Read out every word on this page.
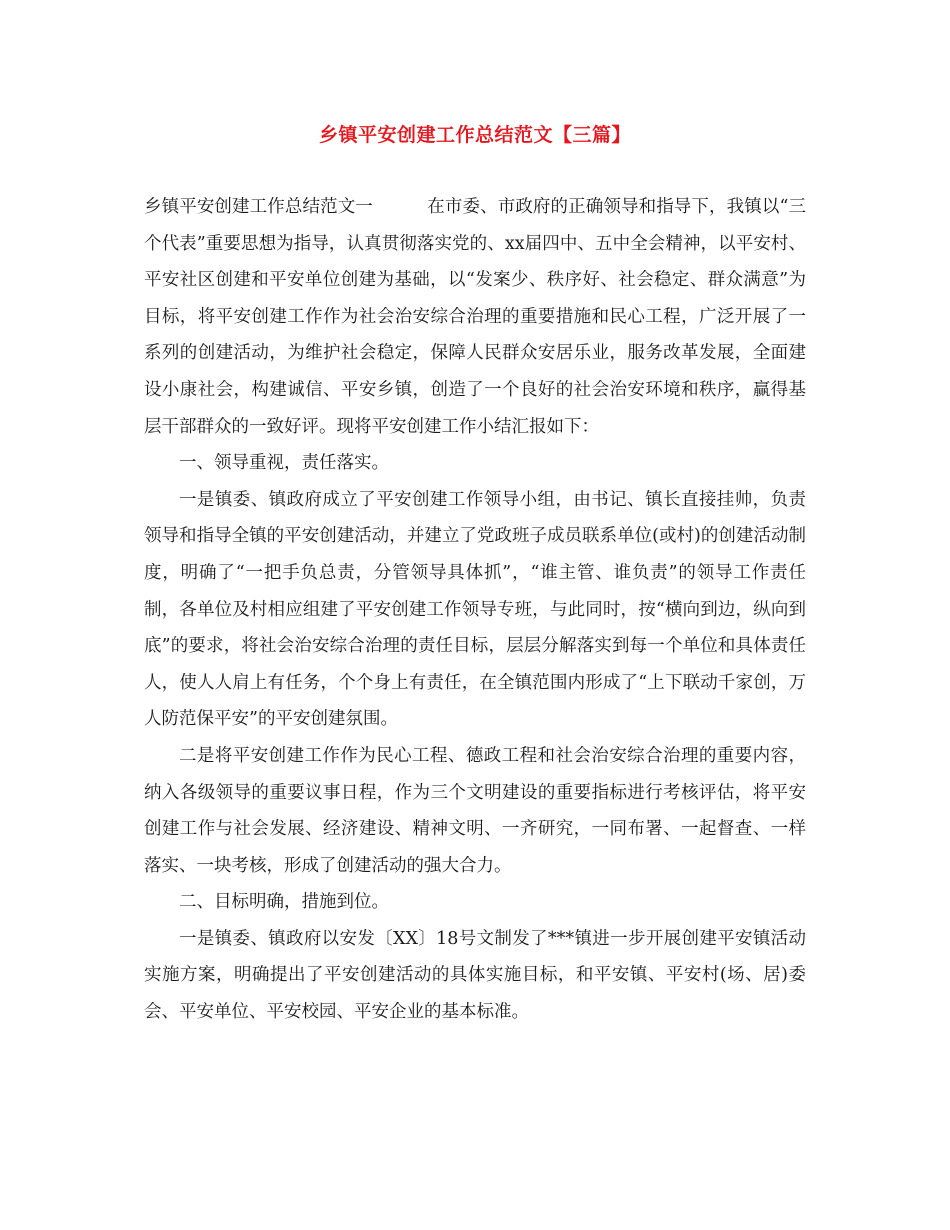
乡镇平安创建工作总结范文【三篇】

乡镇平安创建工作总结范文一	在市委、市政府的正确领导和指导下，我镇以“三个代表”重要思想为指导，认真贯彻落实党的、xx届四中、五中全会精神，以平安村、平安社区创建和平安单位创建为基础，以“发案少、秩序好、社会稳定、群众满意”为目标，将平安创建工作作为社会治安综合治理的重要措施和民心工程，广泛开展了一系列的创建活动，为维护社会稳定，保障人民群众安居乐业，服务改革发展，全面建设小康社会，构建诚信、平安乡镇，创造了一个良好的社会治安环境和秩序，赢得基层干部群众的一致好评。现将平安创建工作小结汇报如下：

一、领导重视，责任落实。

一是镇委、镇政府成立了平安创建工作领导小组，由书记、镇长直接挂帅，负责领导和指导全镇的平安创建活动，并建立了党政班子成员联系单位(或村)的创建活动制度，明确了“一把手负总责，分管领导具体抓”，“谁主管、谁负责”的领导工作责任制，各单位及村相应组建了平安创建工作领导专班，与此同时，按“横向到边，纵向到底”的要求，将社会治安综合治理的责任目标，层层分解落实到每一个单位和具体责任人，使人人肩上有任务，个个身上有责任，在全镇范围内形成了“上下联动千家创，万人防范保平安”的平安创建氛围。

二是将平安创建工作作为民心工程、德政工程和社会治安综合治理的重要内容，纳入各级领导的重要议事日程，作为三个文明建设的重要指标进行考核评估，将平安创建工作与社会发展、经济建设、精神文明、一齐研究，一同布署、一起督查、一样落实、一块考核，形成了创建活动的强大合力。

二、目标明确，措施到位。

一是镇委、镇政府以安发〔XX〕18号文制发了***镇进一步开展创建平安镇活动实施方案，明确提出了平安创建活动的具体实施目标，和平安镇、平安村(场、居)委会、平安单位、平安校园、平安企业的基本标准。
